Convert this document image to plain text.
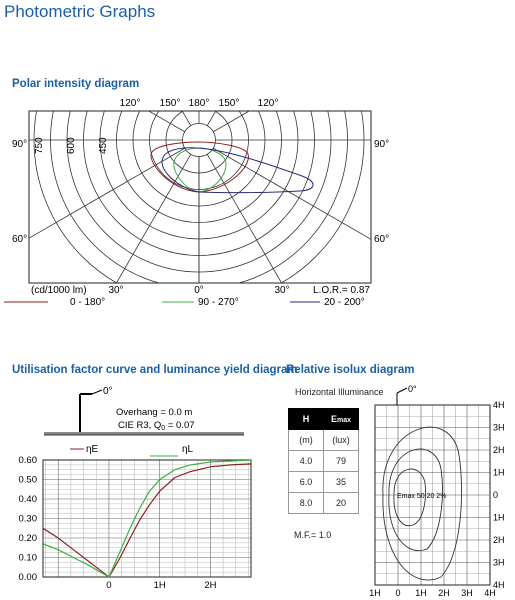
Photometric Graphs
Polar intensity diagram
120° 150° 180° 150° 120°
90°	90°
60°	60°
750 600 450
(cd/1000 lm) 30°	0°	30° L.O.R.= 0.87
0 - 180°	90 - 270°	20 - 200°
Utilisation factor curve and luminance yield diagram
0°
Overhang = 0.0 m
CIE R3, $Q_0 = 0.07$
0.60
0.50
0.40
0.30
0.20
0.10
0.00
0	1H	2H
ηE	ηL
Relative isolux diagram
Horizontal Illuminance
H	Emax
(m)	(lux)
4.0	79
6.0	35
8.0	20
M.F.= 1.0
Emax 50 20 2%
0°
4H
3H
2H
1H
0
1H
2H
3H
4H
1H 0 1H 2H 3H 4H
